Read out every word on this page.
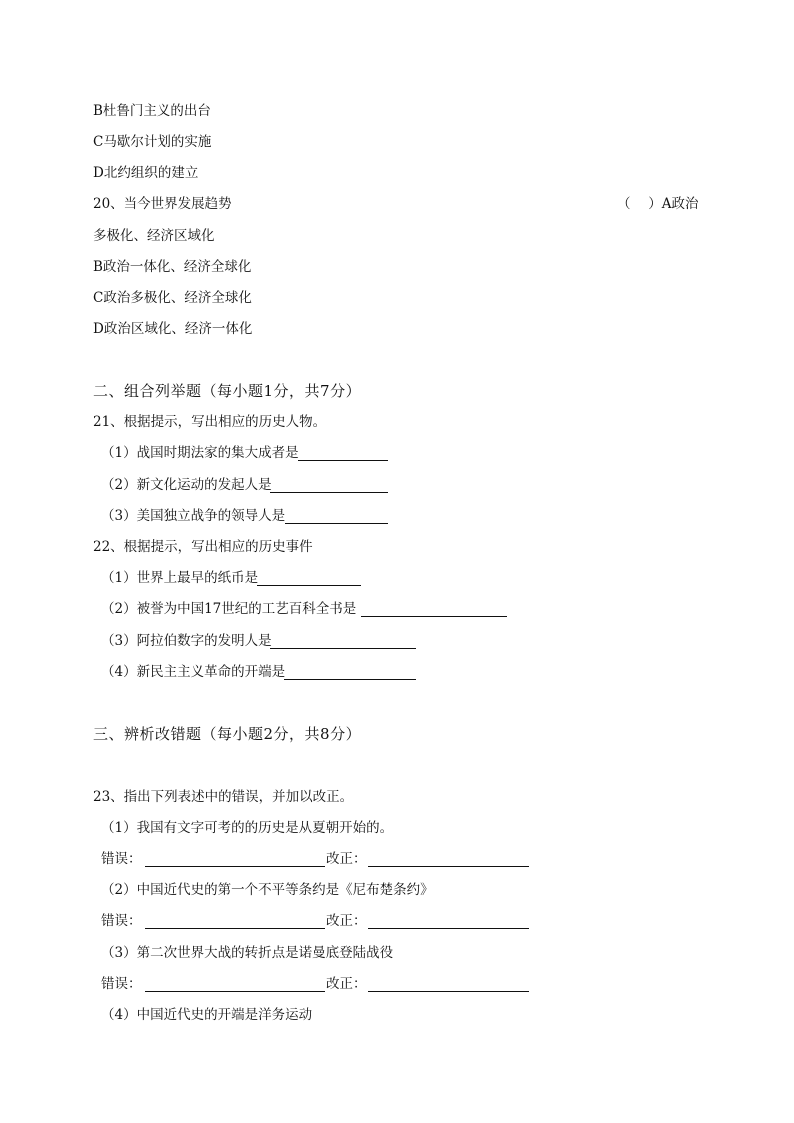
B杜鲁门主义的出台
C马歇尔计划的实施
D北约组织的建立
20、当今世界发展趋势	（　 ）A政治
多极化、经济区域化
B政治一体化、经济全球化
C政治多极化、经济全球化
D政治区域化、经济一体化
二、组合列举题（每小题1分，共7分）
21、根据提示，写出相应的历史人物。
（1）战国时期法家的集大成者是
（2）新文化运动的发起人是
（3）美国独立战争的领导人是
22、根据提示，写出相应的历史事件
（1）世界上最早的纸币是
（2）被誉为中国17世纪的工艺百科全书是
（3）阿拉伯数字的发明人是
（4）新民主主义革命的开端是
三、辨析改错题（每小题2分，共8分）
23、指出下列表述中的错误，并加以改正。
（1）我国有文字可考的的历史是从夏朝开始的。
错误：	改正：
（2）中国近代史的第一个不平等条约是《尼布楚条约》
错误：	改正：
（3）第二次世界大战的转折点是诺曼底登陆战役
错误：	改正：
（4）中国近代史的开端是洋务运动
